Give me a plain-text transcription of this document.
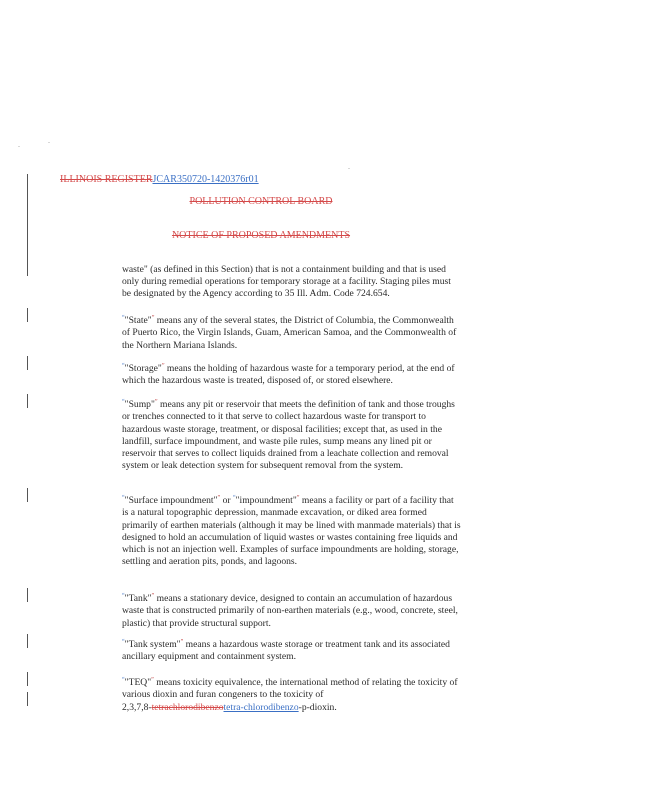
ILLINOIS REGISTERJCAR350720-1420376r01
POLLUTION CONTROL BOARD
NOTICE OF PROPOSED AMENDMENTS
waste" (as defined in this Section) that is not a containment building and that is used only during remedial operations for temporary storage at a facility. Staging piles must be designated by the Agency according to 35 Ill. Adm. Code 724.654.
“"State"” means any of the several states, the District of Columbia, the Commonwealth of Puerto Rico, the Virgin Islands, Guam, American Samoa, and the Commonwealth of the Northern Mariana Islands.
“"Storage"” means the holding of hazardous waste for a temporary period, at the end of which the hazardous waste is treated, disposed of, or stored elsewhere.
“"Sump"” means any pit or reservoir that meets the definition of tank and those troughs or trenches connected to it that serve to collect hazardous waste for transport to hazardous waste storage, treatment, or disposal facilities; except that, as used in the landfill, surface impoundment, and waste pile rules, sump means any lined pit or reservoir that serves to collect liquids drained from a leachate collection and removal system or leak detection system for subsequent removal from the system.
“"Surface impoundment"” or “"impoundment"” means a facility or part of a facility that is a natural topographic depression, manmade excavation, or diked area formed primarily of earthen materials (although it may be lined with manmade materials) that is designed to hold an accumulation of liquid wastes or wastes containing free liquids and which is not an injection well. Examples of surface impoundments are holding, storage, settling and aeration pits, ponds, and lagoons.
“"Tank"” means a stationary device, designed to contain an accumulation of hazardous waste that is constructed primarily of non-earthen materials (e.g., wood, concrete, steel, plastic) that provide structural support.
“"Tank system"” means a hazardous waste storage or treatment tank and its associated ancillary equipment and containment system.
“"TEQ"” means toxicity equivalence, the international method of relating the toxicity of various dioxin and furan congeners to the toxicity of
2,3,7,8-tetrachlorodibenzotetra-chlorodibenzo-p-dioxin.
